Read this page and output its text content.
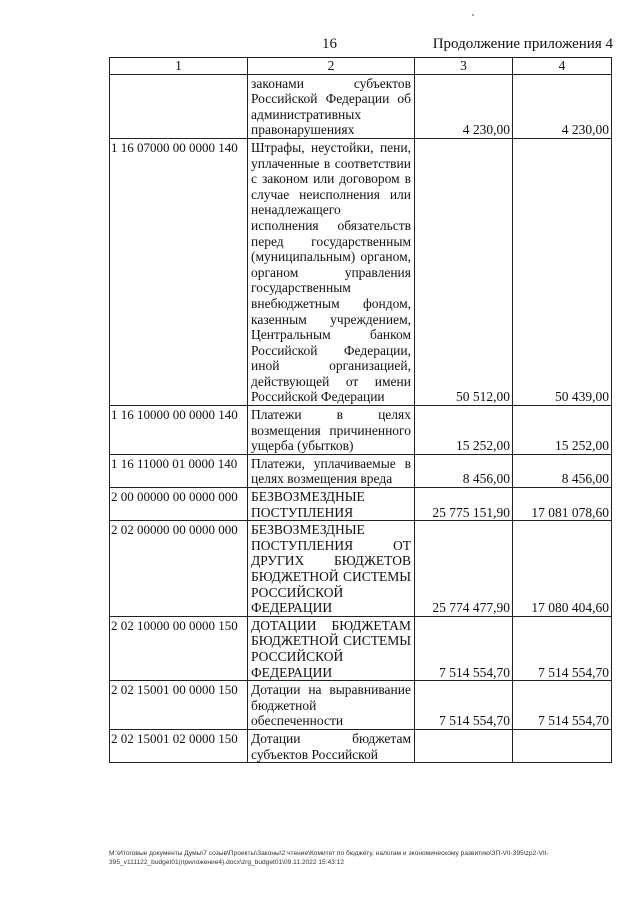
16	Продолжение приложения 4
1	2	3	4
	законами субъектов Российской Федерации об административных правонарушениях	4 230,00	4 230,00
1 16 07000 00 0000 140	Штрафы, неустойки, пени, уплаченные в соответствии с законом или договором в случае неисполнения или ненадлежащего исполнения обязательств перед государственным (муниципальным) органом, органом управления государственным внебюджетным фондом, казенным учреждением, Центральным банком Российской Федерации, иной организацией, действующей от имени Российской Федерации	50 512,00	50 439,00
1 16 10000 00 0000 140	Платежи в целях возмещения причиненного ущерба (убытков)	15 252,00	15 252,00
1 16 11000 01 0000 140	Платежи, уплачиваемые в целях возмещения вреда	8 456,00	8 456,00
2 00 00000 00 0000 000	БЕЗВОЗМЕЗДНЫЕ ПОСТУПЛЕНИЯ	25 775 151,90	17 081 078,60
2 02 00000 00 0000 000	БЕЗВОЗМЕЗДНЫЕ ПОСТУПЛЕНИЯ ОТ ДРУГИХ БЮДЖЕТОВ БЮДЖЕТНОЙ СИСТЕМЫ РОССИЙСКОЙ ФЕДЕРАЦИИ	25 774 477,90	17 080 404,60
2 02 10000 00 0000 150	ДОТАЦИИ БЮДЖЕТАМ БЮДЖЕТНОЙ СИСТЕМЫ РОССИЙСКОЙ ФЕДЕРАЦИИ	7 514 554,70	7 514 554,70
2 02 15001 00 0000 150	Дотации на выравнивание бюджетной обеспеченности	7 514 554,70	7 514 554,70
2 02 15001 02 0000 150	Дотации бюджетам субъектов Российской		
М:\Итоговые документы Думы\7 созыв\Проекты\Законы\2 чтение\Комитет по бюджету, налогам и экономическому развитию\ЗП-VII-395\zp2-VII-395_v111122_budget01(приложение4).docx\zrg_budget01\09.11.2022 15:43:12
